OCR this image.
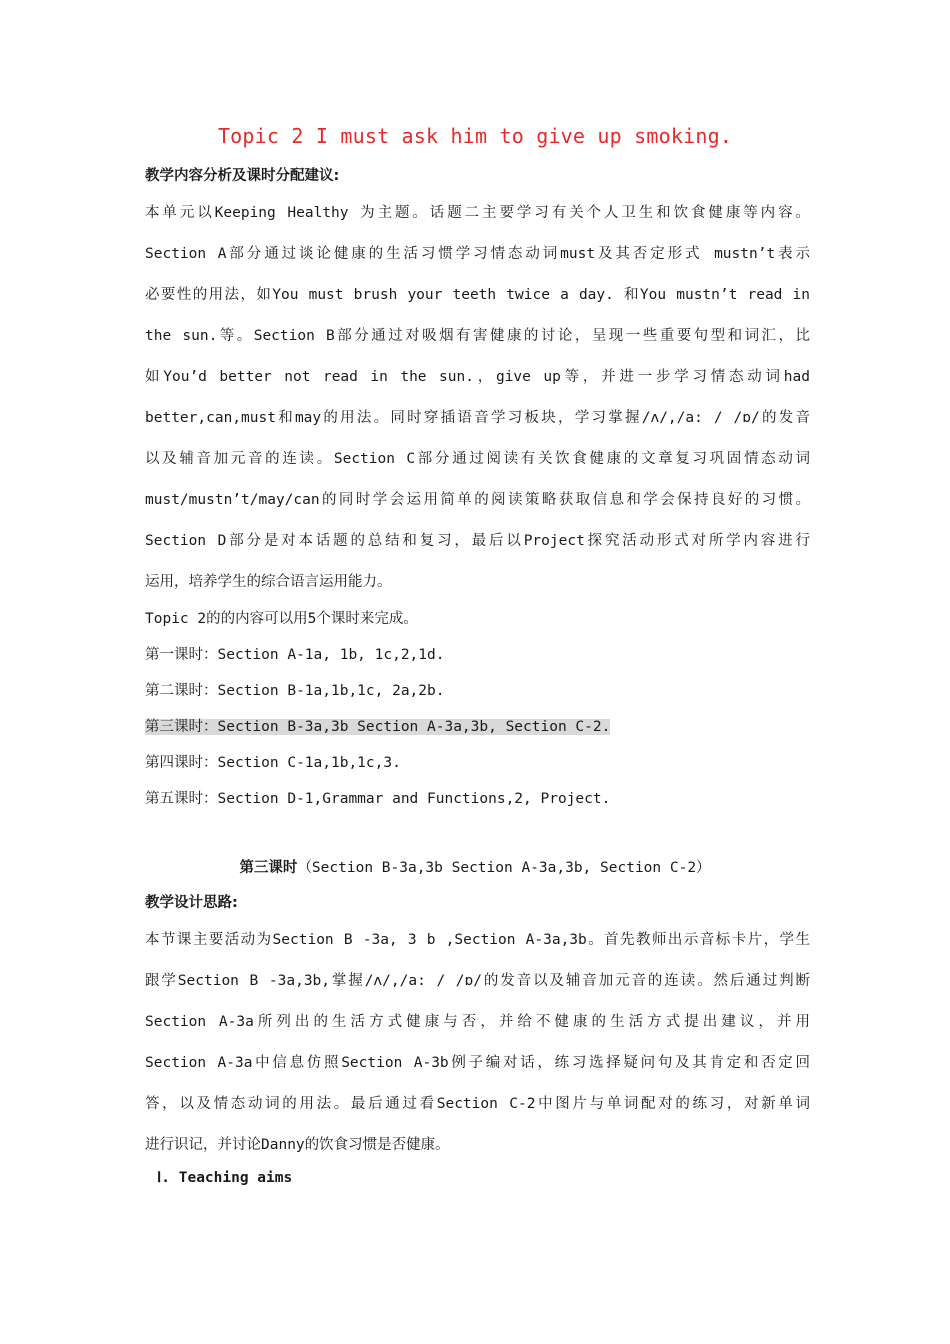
Topic 2 I must ask him to give up smoking.
教学内容分析及课时分配建议:
本单元以Keeping Healthy 为主题。话题二主要学习有关个人卫生和饮食健康等内容。
Section A部分通过谈论健康的生活习惯学习情态动词must及其否定形式 mustn’t表示
必要性的用法，如You must brush your teeth twice a day. 和You mustn’t read in
the sun.等。Section B部分通过对吸烟有害健康的讨论，呈现一些重要句型和词汇，比
如You’d better not read in the sun.，give up等，并进一步学习情态动词had
better,can,must和may的用法。同时穿插语音学习板块，学习掌握/ʌ/,/a: / /ɒ/的发音
以及辅音加元音的连读。Section C部分通过阅读有关饮食健康的文章复习巩固情态动词
must/mustn’t/may/can的同时学会运用简单的阅读策略获取信息和学会保持良好的习惯。
Section D部分是对本话题的总结和复习，最后以Project探究活动形式对所学内容进行
运用，培养学生的综合语言运用能力。
Topic 2的的内容可以用5个课时来完成。
第一课时：Section A-1a, 1b, 1c,2,1d.
第二课时：Section B-1a,1b,1c, 2a,2b.
第三课时：Section B-3a,3b Section A-3a,3b, Section C-2.
第四课时：Section C-1a,1b,1c,3.
第五课时：Section D-1,Grammar and Functions,2, Project.
第三课时（Section B-3a,3b Section A-3a,3b, Section C-2）
教学设计思路:
本节课主要活动为Section B -3a, 3 b ,Section A-3a,3b。首先教师出示音标卡片，学生
跟学Section B -3a,3b,掌握/ʌ/,/a: / /ɒ/的发音以及辅音加元音的连读。然后通过判断
Section A-3a所列出的生活方式健康与否，并给不健康的生活方式提出建议，并用
Section A-3a中信息仿照Section A-3b例子编对话，练习选择疑问句及其肯定和否定回
答，以及情态动词的用法。最后通过看Section C-2中图片与单词配对的练习，对新单词
进行识记，并讨论Danny的饮食习惯是否健康。
Ⅰ. Teaching aims
